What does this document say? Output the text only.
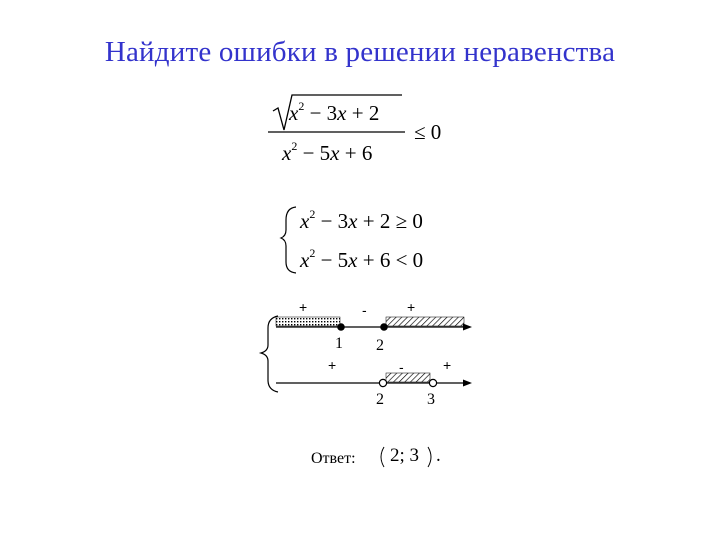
Найдите ошибки в решении неравенства
$x^2 - 3x + 2$
$x^2 - 5x + 6$
≤ 0
$x^2 - 3x + 2 \ge 0$
$x^2 - 5x + 6 < 0$
+	-	+
1 2
+	-	+
2	3
Ответ: 2; 3 .
